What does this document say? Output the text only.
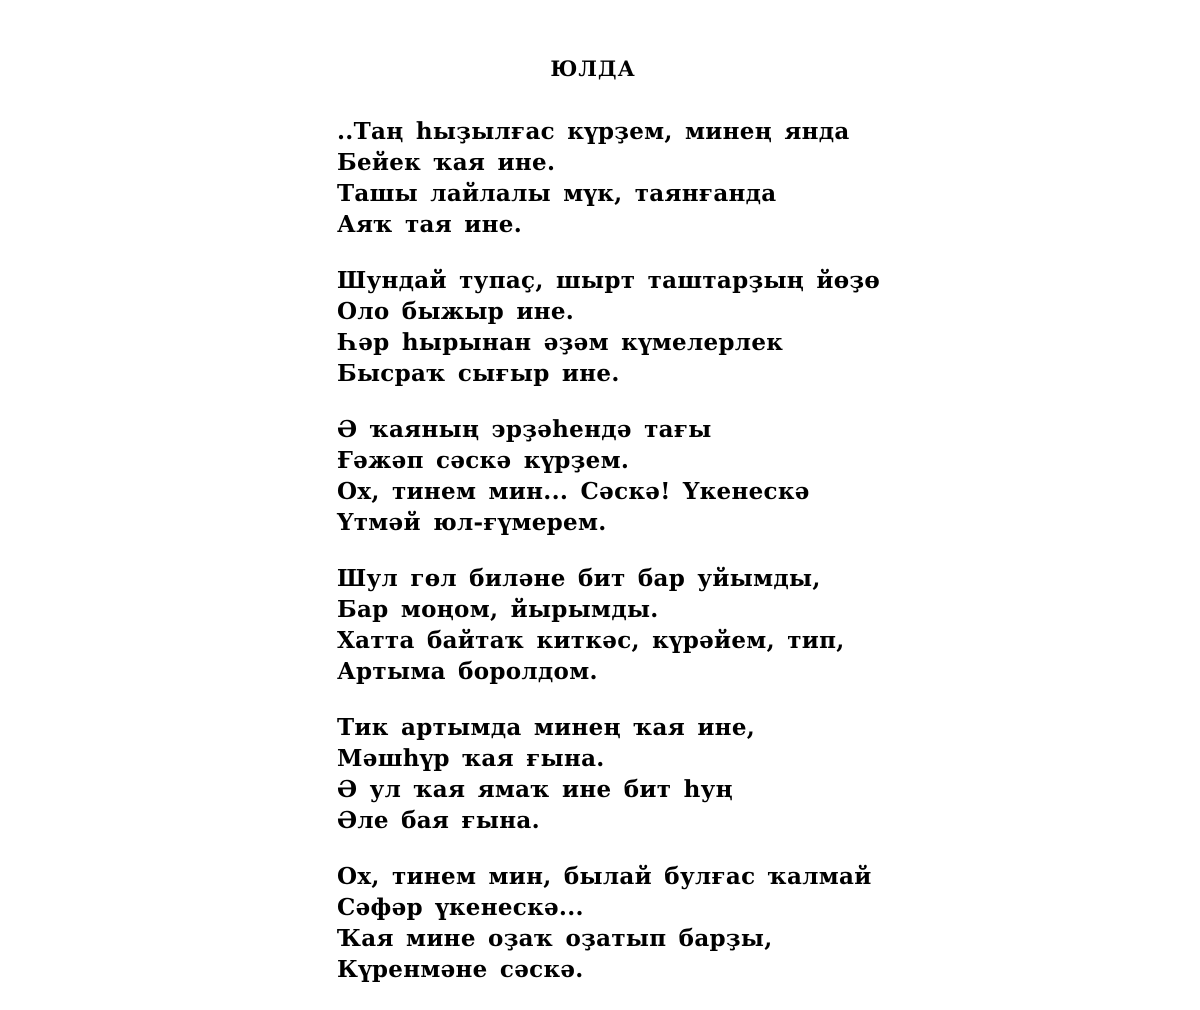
ЮЛДА
..Таң һыҙылғас күрҙем, минең янда
Бейек ҡая ине.
Ташы лайлалы мүк, таянғанда
Аяҡ тая ине.
Шундай тупаҫ, шырт таштарҙың йөҙө
Оло быжыр ине.
Һәр һырынан әҙәм күмелерлек
Бысраҡ сығыр ине.
Ә ҡаяның эрҙәһендә тағы
Ғәжәп сәскә күрҙем.
Ох, тинем мин... Сәскә! Үкенескә
Үтмәй юл-ғүмерем.
Шул гөл биләне бит бар уйымды,
Бар моңом, йырымды.
Хатта байтаҡ киткәс, күрәйем, тип,
Артыма боролдом.
Тик артымда минең ҡая ине,
Мәшһүр ҡая ғына.
Ә ул ҡая ямаҡ ине бит һуң
Әле бая ғына.
Ох, тинем мин, былай булғас ҡалмай
Сәфәр үкенескә...
Ҡая мине оҙаҡ оҙатып барҙы,
Күренмәне сәскә.
